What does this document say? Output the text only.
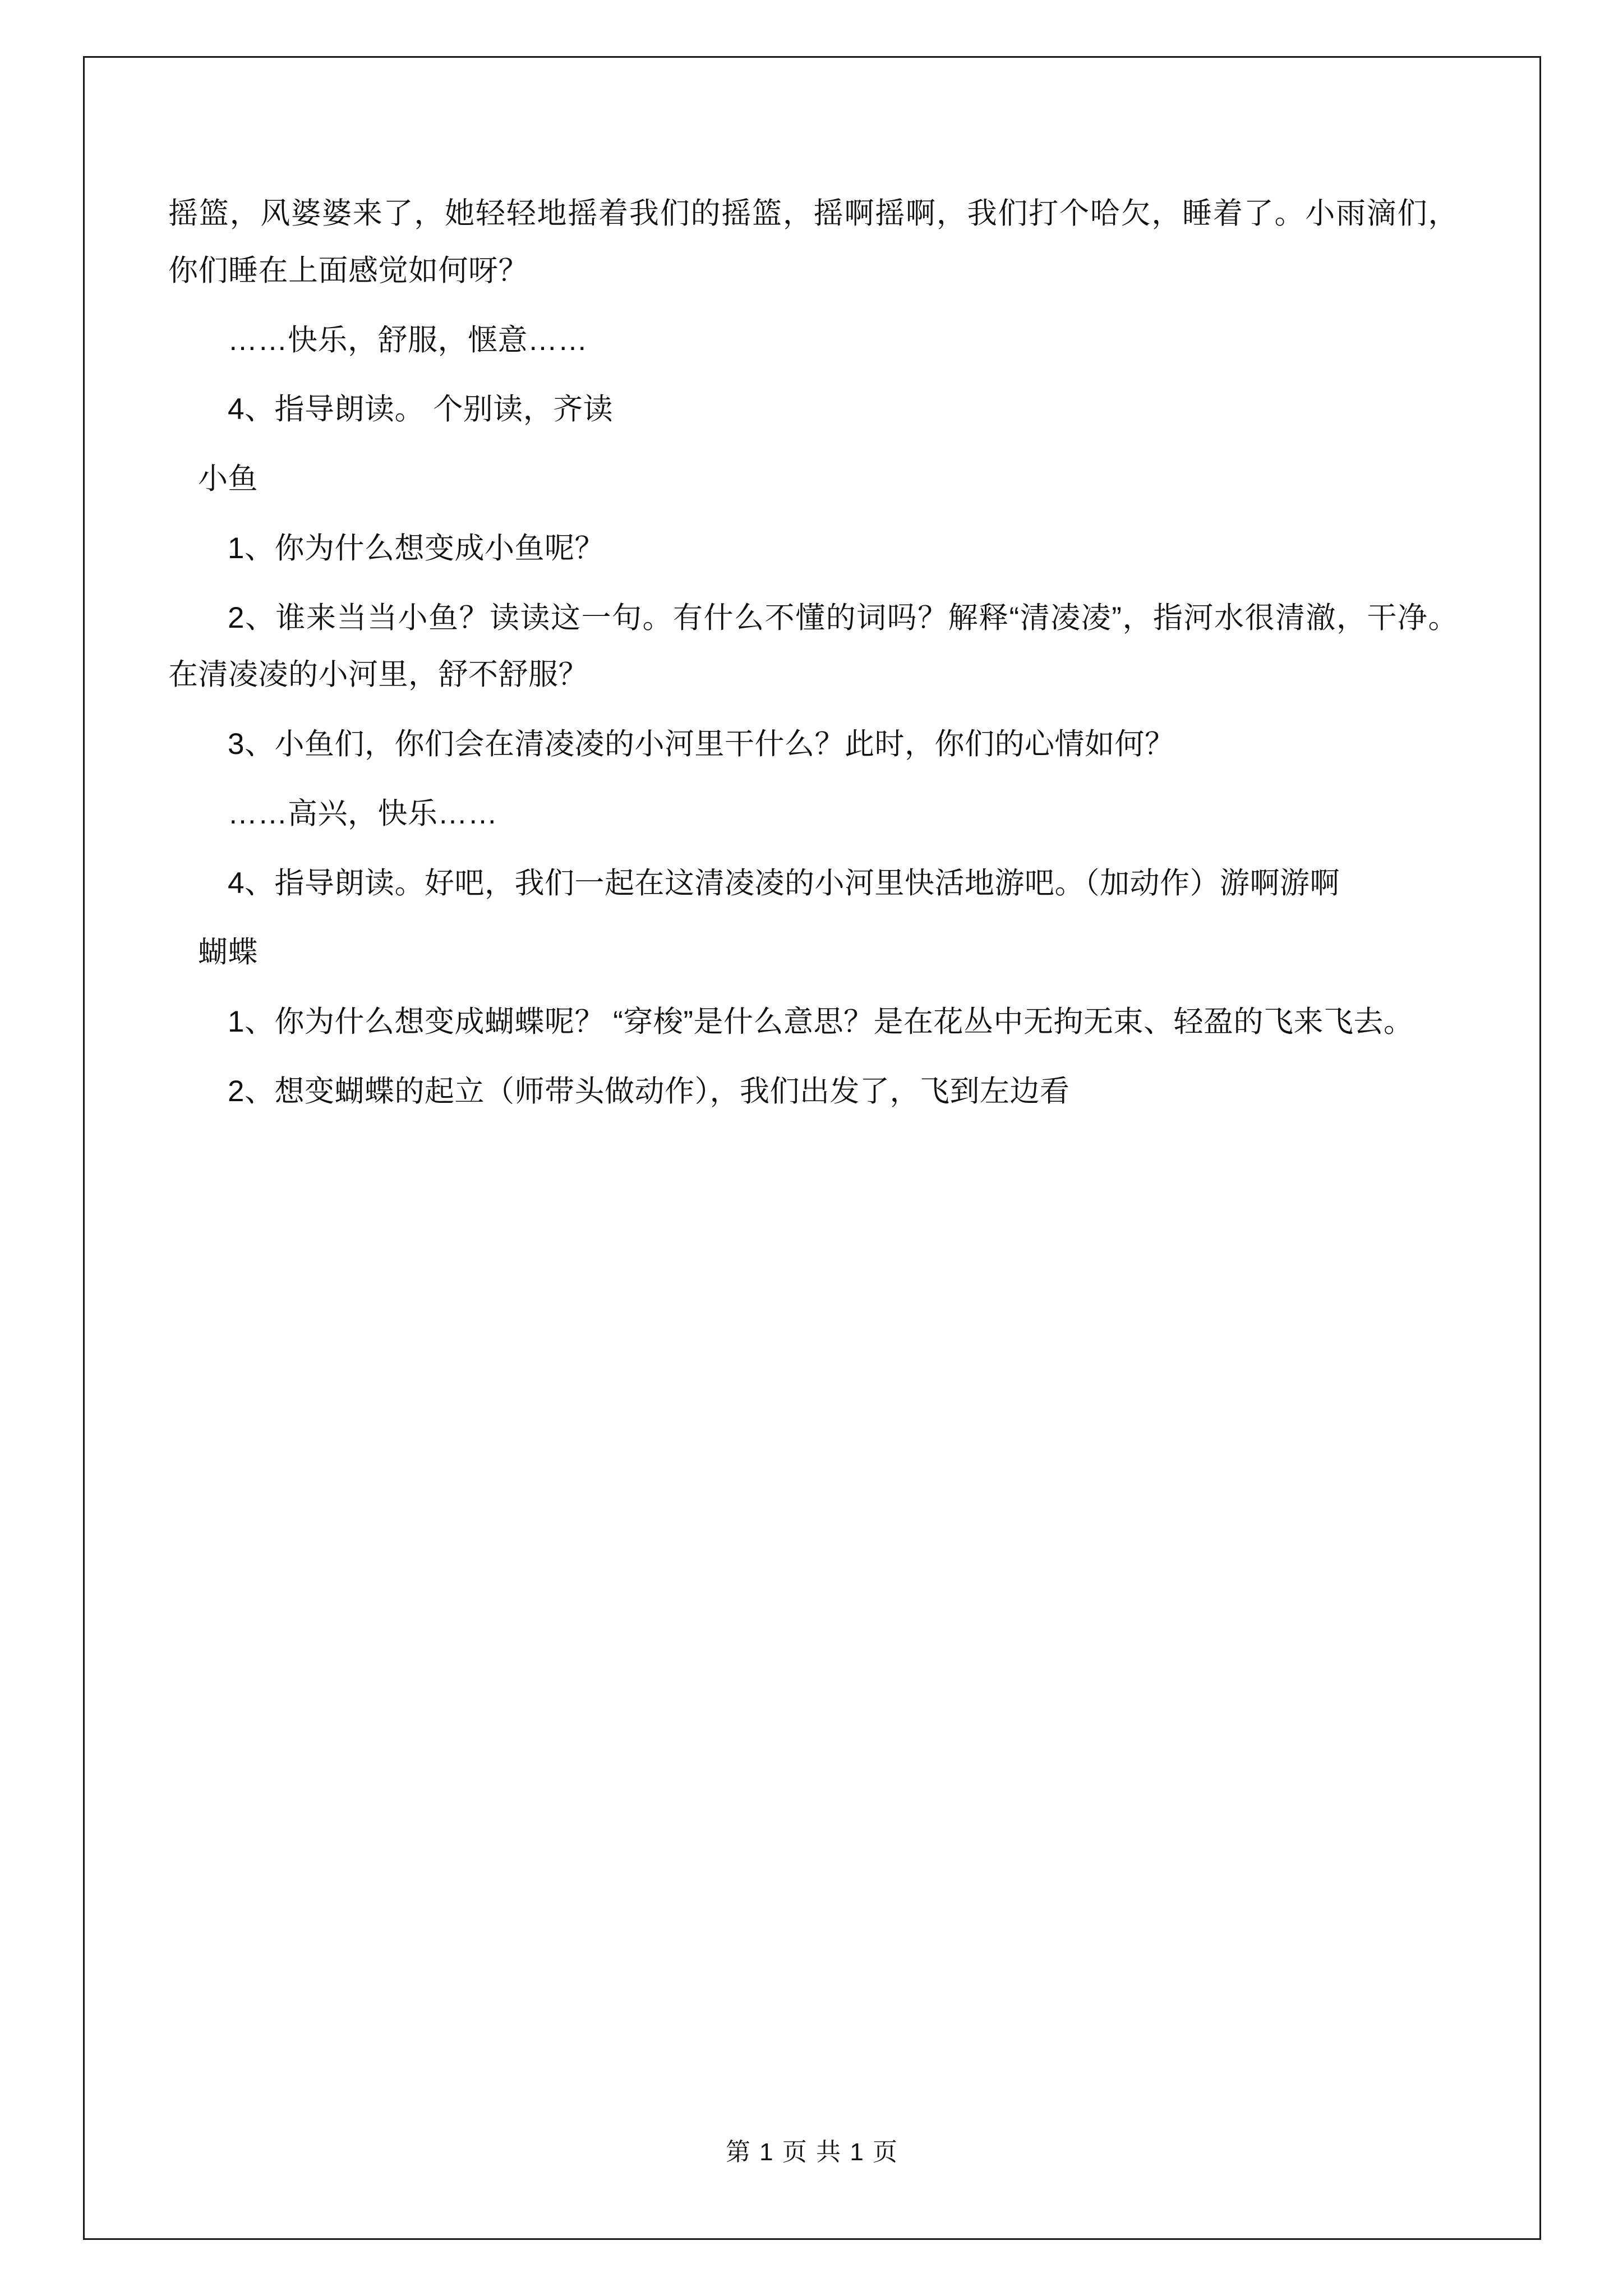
摇篮，风婆婆来了，她轻轻地摇着我们的摇篮，摇啊摇啊，我们打个哈欠，睡着了。小雨滴们，你们睡在上面感觉如何呀？

……快乐，舒服，惬意……

4、指导朗读。 个别读，齐读

小鱼

1、你为什么想变成小鱼呢？

2、谁来当当小鱼？读读这一句。有什么不懂的词吗？解释“清凌凌”，指河水很清澈，干净。在清凌凌的小河里，舒不舒服？

3、小鱼们，你们会在清凌凌的小河里干什么？此时，你们的心情如何？

……高兴，快乐……

4、指导朗读。好吧，我们一起在这清凌凌的小河里快活地游吧。（加动作）游啊游啊

蝴蝶

1、你为什么想变成蝴蝶呢？ “穿梭”是什么意思？是在花丛中无拘无束、轻盈的飞来飞去。

2、想变蝴蝶的起立（师带头做动作），我们出发了，飞到左边看

第 1 页 共 1 页
